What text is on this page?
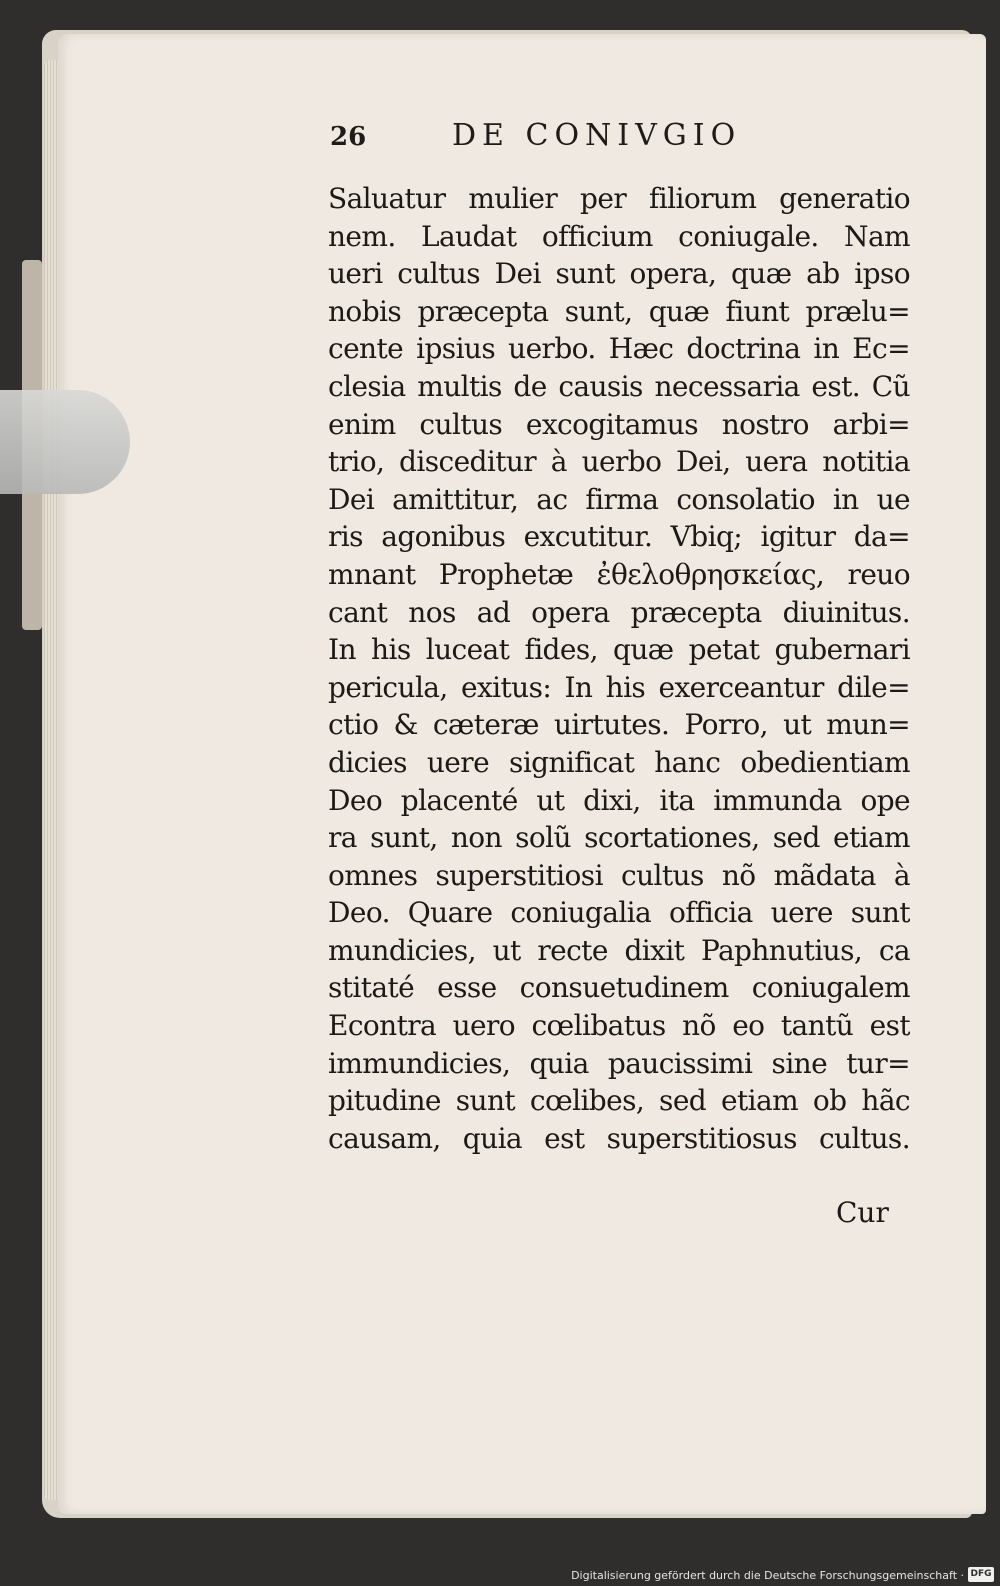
26	DE CONIVGIO
Saluatur mulier per filiorum generatio
nem. Laudat officium coniugale. Nam
ueri cultus Dei sunt opera, quæ ab ipso
nobis præcepta sunt, quæ fiunt prælu=
cente ipsius uerbo. Hæc doctrina in Ec=
clesia multis de causis necessaria est. Cũ
enim cultus excogitamus nostro arbi=
trio, disceditur à uerbo Dei, uera notitia
Dei amittitur, ac firma consolatio in ue
ris agonibus excutitur. Vbiq; igitur da=
mnant Prophetæ ἐθελοθρησκείας, reuo
cant nos ad opera præcepta diuinitus.
In his luceat fides, quæ petat gubernari
pericula, exitus: In his exerceantur dile=
ctio & cæteræ uirtutes. Porro, ut mun=
dicies uere significat hanc obedientiam
Deo placenté ut dixi, ita immunda ope
ra sunt, non solũ scortationes, sed etiam
omnes superstitiosi cultus nõ mãdata à
Deo. Quare coniugalia officia uere sunt
mundicies, ut recte dixit Paphnutius, ca
stitaté esse consuetudinem coniugalem
Econtra uero cœlibatus nõ eo tantũ est
immundicies, quia paucissimi sine tur=
pitudine sunt cœlibes, sed etiam ob hãc
causam, quia est superstitiosus cultus.
Cur
Digitalisierung gefördert durch die Deutsche Forschungsgemeinschaft · DFG
